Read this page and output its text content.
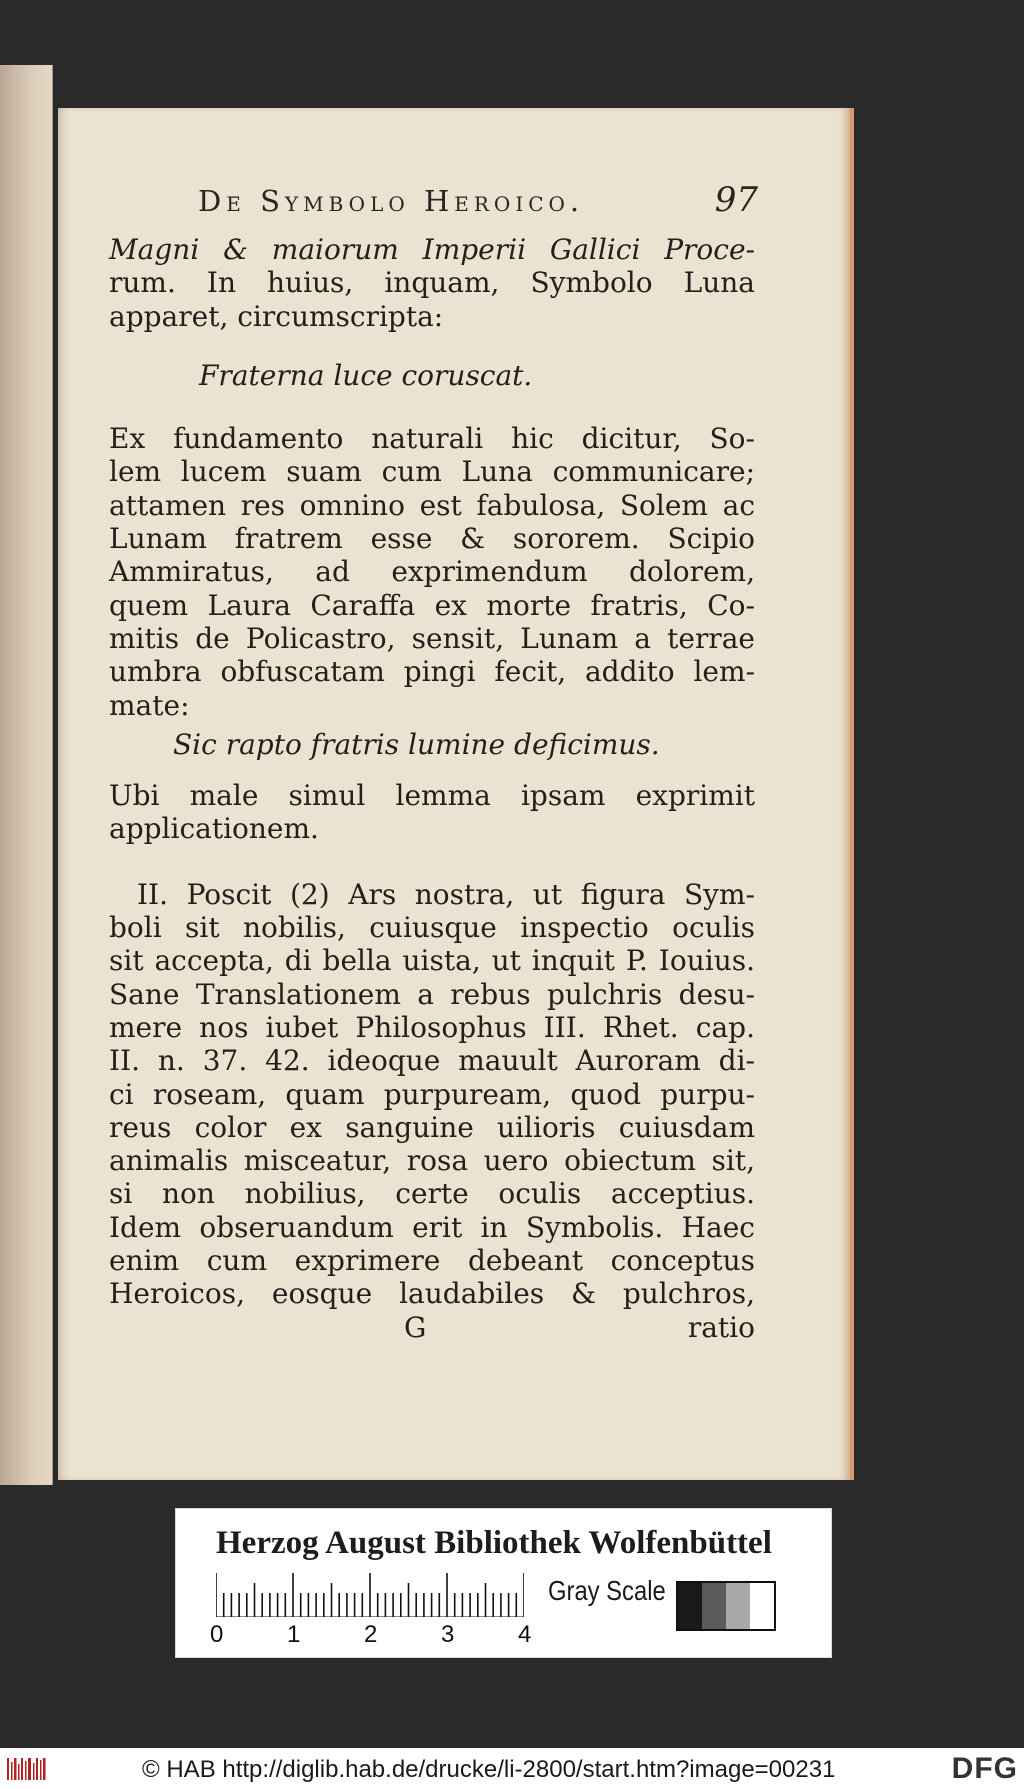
De Symbolo Heroico.	97
Magni & maiorum Imperii Gallici Proce-
rum. In huius, inquam, Symbolo Luna
apparet, circumscripta:
Fraterna luce coruscat.
Ex fundamento naturali hic dicitur, So-
lem lucem suam cum Luna communicare;
attamen res omnino est fabulosa, Solem ac
Lunam fratrem esse & sororem. Scipio
Ammiratus, ad exprimendum dolorem,
quem Laura Caraffa ex morte fratris, Co-
mitis de Policastro, sensit, Lunam a terrae
umbra obfuscatam pingi fecit, addito lem-
mate:
Sic rapto fratris lumine deficimus.
Ubi male simul lemma ipsam exprimit
applicationem.
II. Poscit (2) Ars nostra, ut figura Sym-
boli sit nobilis, cuiusque inspectio oculis
sit accepta, di bella uista, ut inquit P. Iouius.
Sane Translationem a rebus pulchris desu-
mere nos iubet Philosophus III. Rhet. cap.
II. n. 37. 42. ideoque mauult Auroram di-
ci roseam, quam purpuream, quod purpu-
reus color ex sanguine uilioris cuiusdam
animalis misceatur, rosa uero obiectum sit,
si non nobilius, certe oculis acceptius.
Idem obseruandum erit in Symbolis. Haec
enim cum exprimere debeant conceptus
Heroicos, eosque laudabiles & pulchros,
G	ratio
Herzog August Bibliothek Wolfenbüttel
0	1	2	3	4
Gray Scale
© HAB http://diglib.hab.de/drucke/li-2800/start.htm?image=00231	DFG
